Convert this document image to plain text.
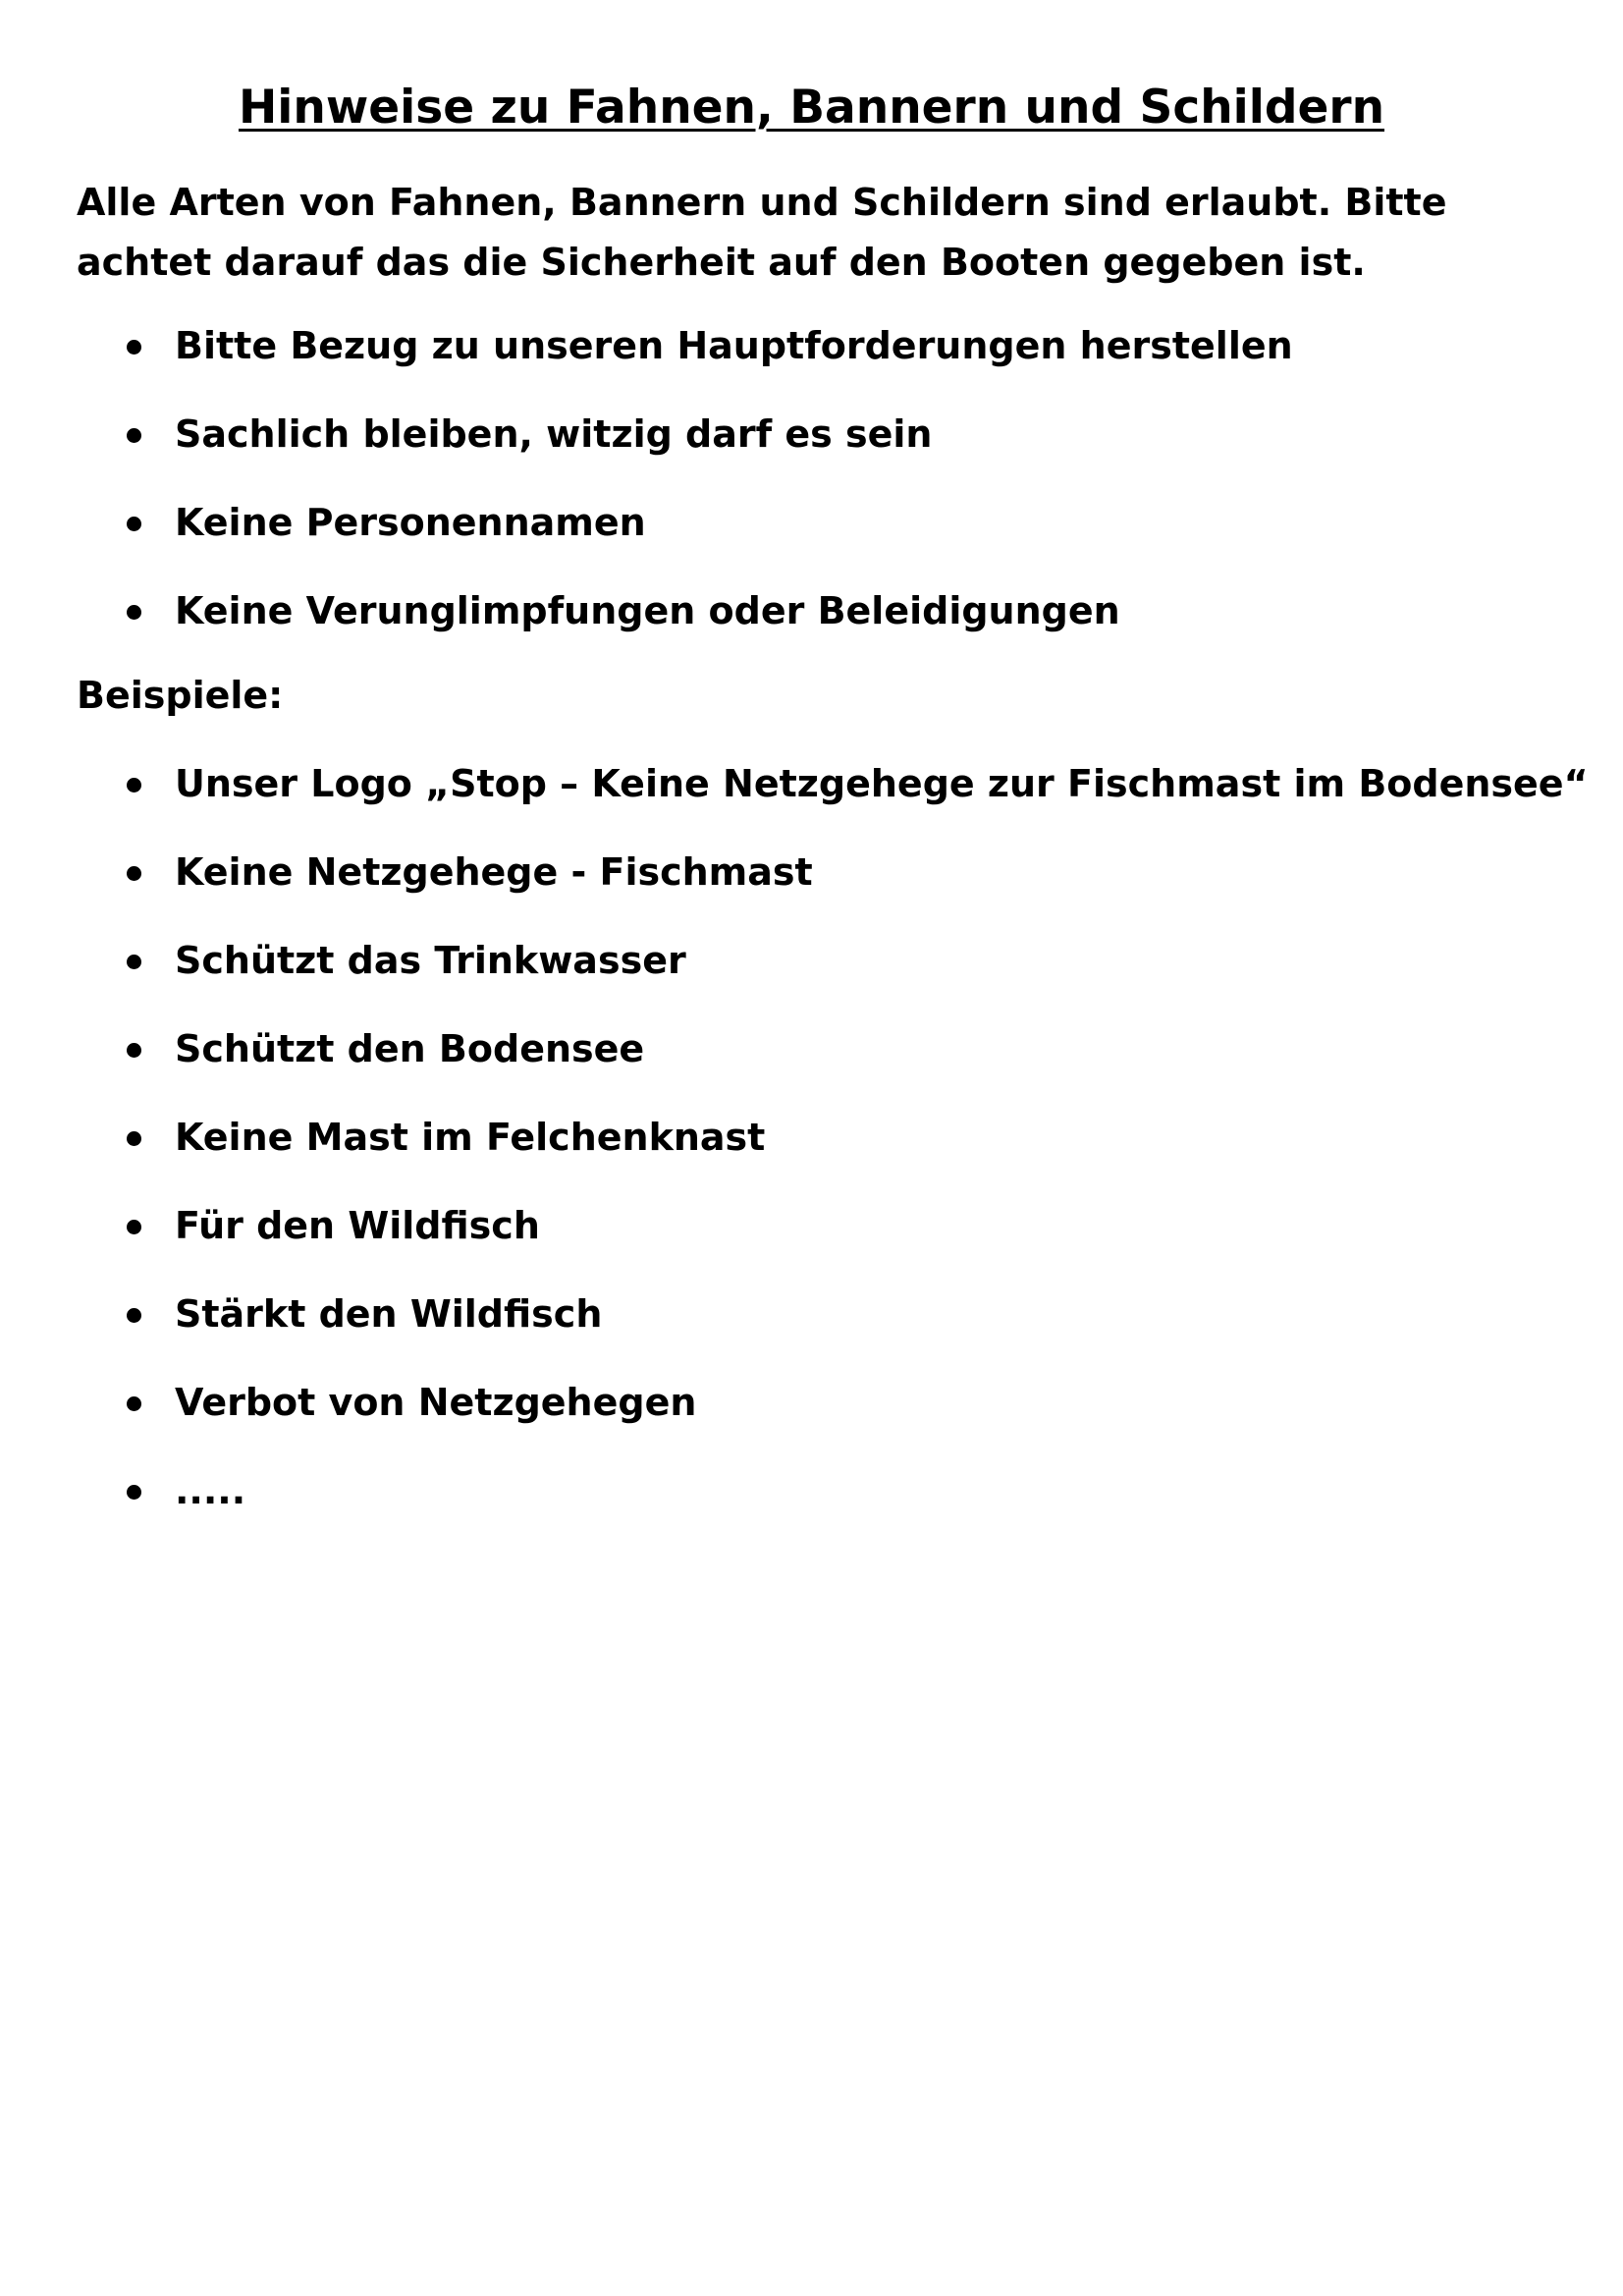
Hinweise zu Fahnen, Bannern und Schildern

Alle Arten von Fahnen, Bannern und Schildern sind erlaubt. Bitte achtet darauf das die Sicherheit auf den Booten gegeben ist.

Bitte Bezug zu unseren Hauptforderungen herstellen
Sachlich bleiben, witzig darf es sein
Keine Personennamen
Keine Verunglimpfungen oder Beleidigungen
Beispiele:
Unser Logo „Stop – Keine Netzgehege zur Fischmast im Bodensee“
Keine Netzgehege - Fischmast
Schützt das Trinkwasser
Schützt den Bodensee
Keine Mast im Felchenknast
Für den Wildfisch
Stärkt den Wildfisch
Verbot von Netzgehegen
.....
